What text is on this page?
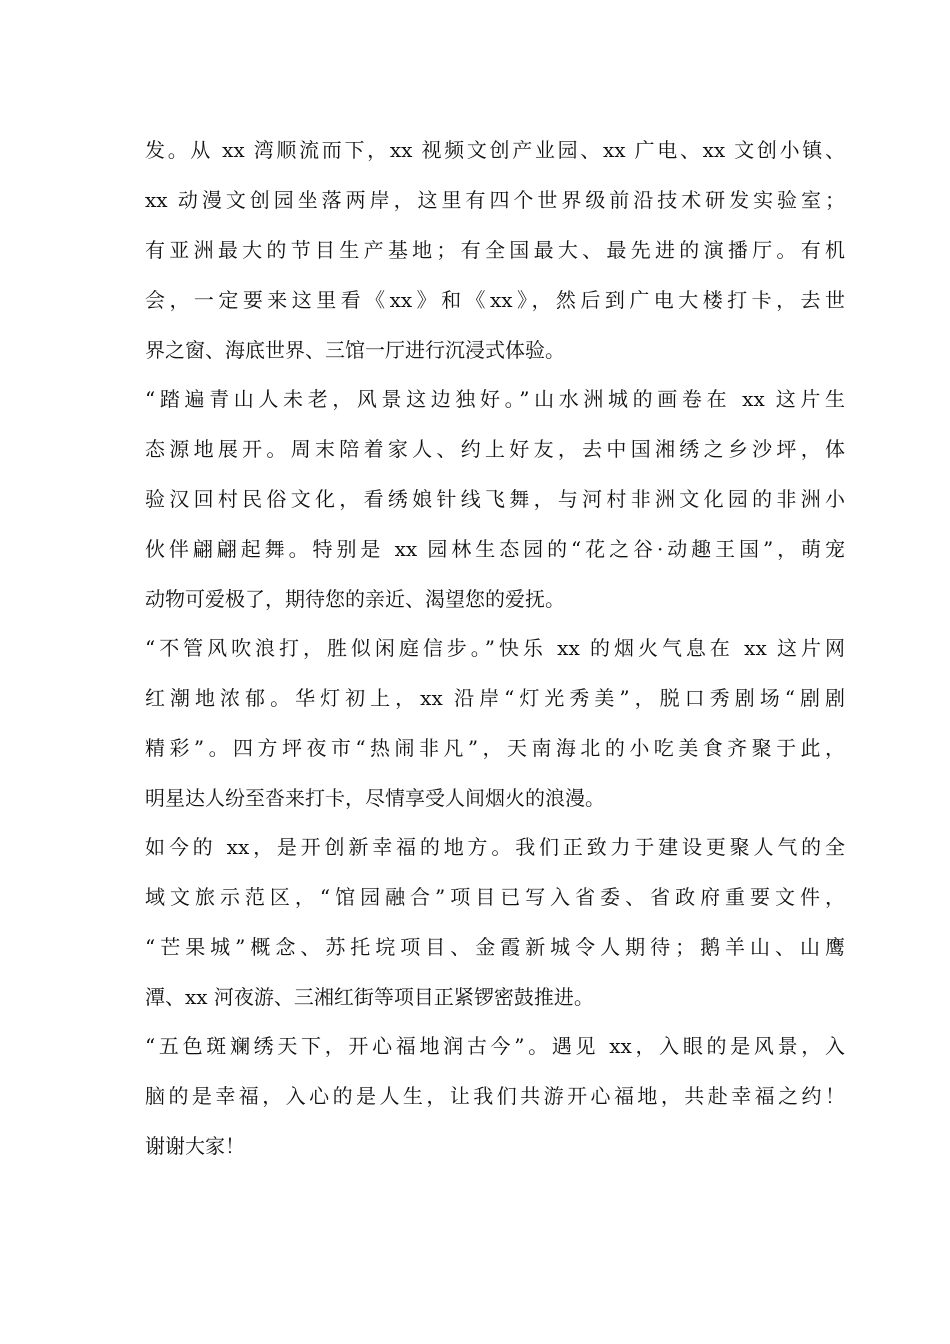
发。从 xx 湾顺流而下，xx 视频文创产业园、xx 广电、xx 文创小镇、
xx 动漫文创园坐落两岸，这里有四个世界级前沿技术研发实验室；
有亚洲最大的节目生产基地；有全国最大、最先进的演播厅。有机
会，一定要来这里看《xx》和《xx》，然后到广电大楼打卡，去世
界之窗、海底世界、三馆一厅进行沉浸式体验。
“踏遍青山人未老，风景这边独好。”山水洲城的画卷在 xx 这片生
态源地展开。周末陪着家人、约上好友，去中国湘绣之乡沙坪，体
验汉回村民俗文化，看绣娘针线飞舞，与河村非洲文化园的非洲小
伙伴翩翩起舞。特别是 xx 园林生态园的“花之谷·动趣王国”，萌宠
动物可爱极了，期待您的亲近、渴望您的爱抚。
“不管风吹浪打，胜似闲庭信步。”快乐 xx 的烟火气息在 xx 这片网
红潮地浓郁。华灯初上，xx 沿岸“灯光秀美”，脱口秀剧场“剧剧
精彩”。四方坪夜市“热闹非凡”，天南海北的小吃美食齐聚于此，
明星达人纷至沓来打卡，尽情享受人间烟火的浪漫。
如今的 xx，是开创新幸福的地方。我们正致力于建设更聚人气的全
域文旅示范区，“馆园融合”项目已写入省委、省政府重要文件，
“芒果城”概念、苏托垸项目、金霞新城令人期待；鹅羊山、山鹰
潭、xx 河夜游、三湘红街等项目正紧锣密鼓推进。
“五色斑斓绣天下，开心福地润古今”。遇见 xx，入眼的是风景，入
脑的是幸福，入心的是人生，让我们共游开心福地，共赴幸福之约！
谢谢大家！
